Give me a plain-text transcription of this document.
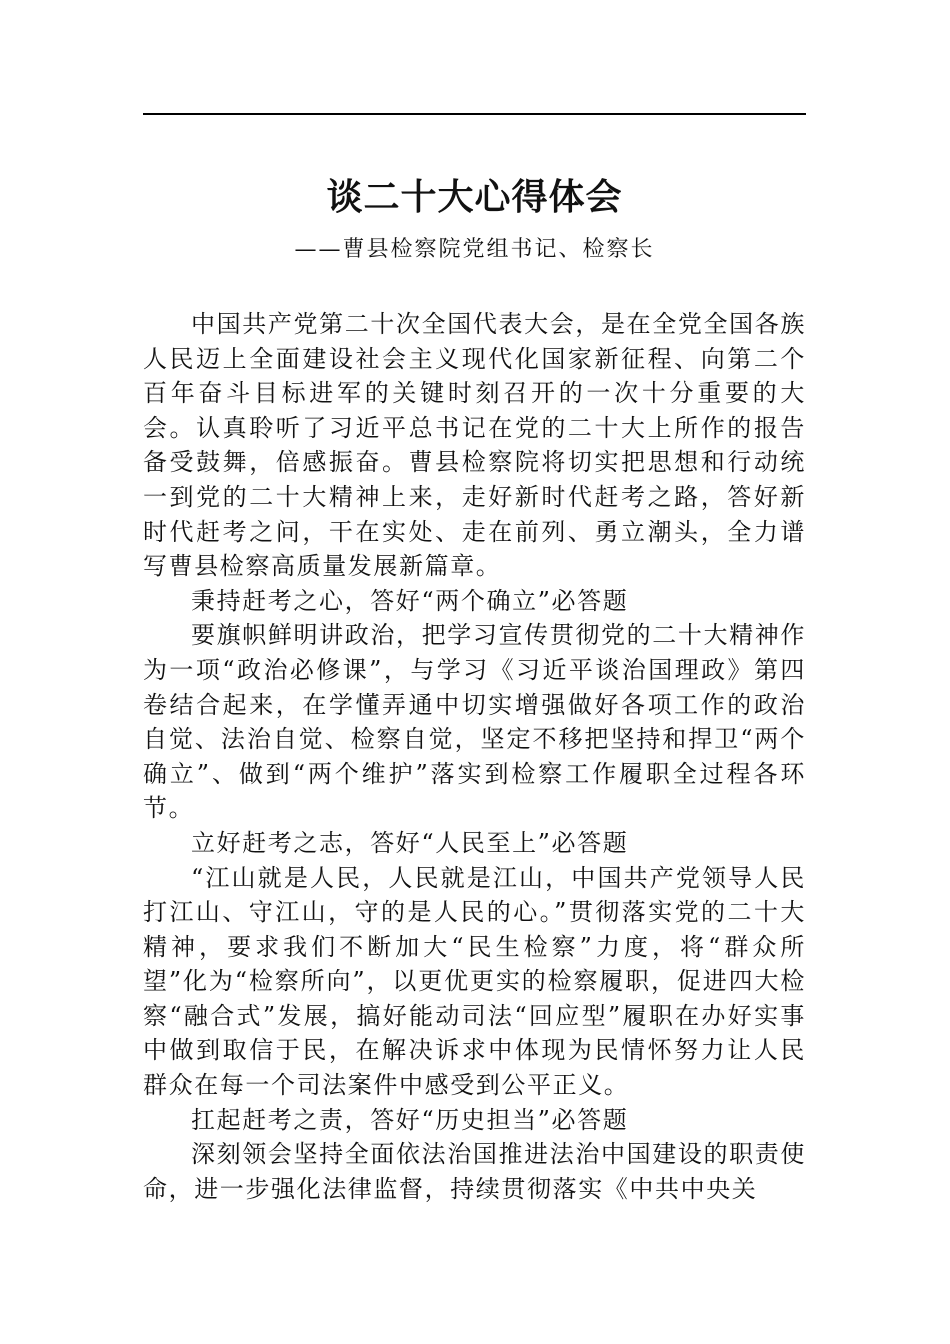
谈二十大心得体会

——曹县检察院党组书记、检察长

中国共产党第二十次全国代表大会，是在全党全国各族人民迈上全面建设社会主义现代化国家新征程、向第二个百年奋斗目标进军的关键时刻召开的一次十分重要的大会。认真聆听了习近平总书记在党的二十大上所作的报告备受鼓舞，倍感振奋。曹县检察院将切实把思想和行动统一到党的二十大精神上来，走好新时代赶考之路，答好新时代赶考之问，干在实处、走在前列、勇立潮头，全力谱写曹县检察高质量发展新篇章。

秉持赶考之心，答好“两个确立”必答题

要旗帜鲜明讲政治，把学习宣传贯彻党的二十大精神作为一项“政治必修课”，与学习《习近平谈治国理政》第四卷结合起来，在学懂弄通中切实增强做好各项工作的政治自觉、法治自觉、检察自觉，坚定不移把坚持和捍卫“两个确立”、做到“两个维护”落实到检察工作履职全过程各环节。

立好赶考之志，答好“人民至上”必答题

“江山就是人民，人民就是江山，中国共产党领导人民打江山、守江山，守的是人民的心。”贯彻落实党的二十大精神，要求我们不断加大“民生检察”力度，将“群众所望”化为“检察所向”，以更优更实的检察履职，促进四大检察“融合式”发展，搞好能动司法“回应型”履职在办好实事中做到取信于民，在解决诉求中体现为民情怀努力让人民群众在每一个司法案件中感受到公平正义。

扛起赶考之责，答好“历史担当”必答题

深刻领会坚持全面依法治国推进法治中国建设的职责使命，进一步强化法律监督，持续贯彻落实《中共中央关
